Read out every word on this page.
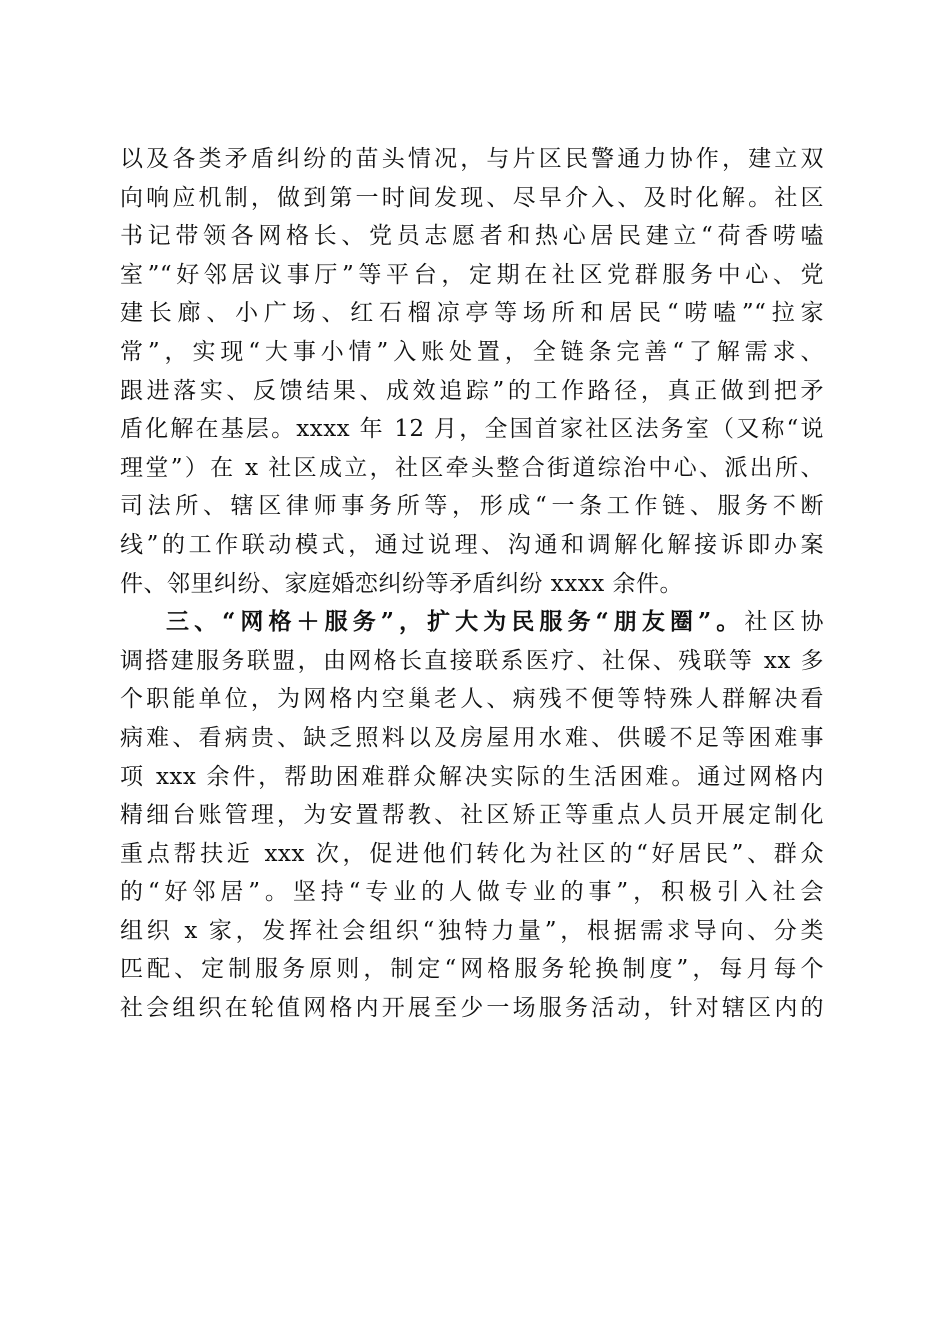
以及各类矛盾纠纷的苗头情况，与片区民警通力协作，建立双
向响应机制，做到第一时间发现、尽早介入、及时化解。社区
书记带领各网格长、党员志愿者和热心居民建立“荷香唠嗑
室”“好邻居议事厅”等平台，定期在社区党群服务中心、党
建长廊、小广场、红石榴凉亭等场所和居民“唠嗑”“拉家
常”，实现“大事小情”入账处置，全链条完善“了解需求、
跟进落实、反馈结果、成效追踪”的工作路径，真正做到把矛
盾化解在基层。xxxx 年 12 月，全国首家社区法务室（又称“说
理堂”）在 x 社区成立，社区牵头整合街道综治中心、派出所、
司法所、辖区律师事务所等，形成“一条工作链、服务不断
线”的工作联动模式，通过说理、沟通和调解化解接诉即办案
件、邻里纠纷、家庭婚恋纠纷等矛盾纠纷 xxxx 余件。
三、“网格＋服务”，扩大为民服务“朋友圈”。社区协
调搭建服务联盟，由网格长直接联系医疗、社保、残联等 xx 多
个职能单位，为网格内空巢老人、病残不便等特殊人群解决看
病难、看病贵、缺乏照料以及房屋用水难、供暖不足等困难事
项 xxx 余件，帮助困难群众解决实际的生活困难。通过网格内
精细台账管理，为安置帮教、社区矫正等重点人员开展定制化
重点帮扶近 xxx 次，促进他们转化为社区的“好居民”、群众
的“好邻居”。坚持“专业的人做专业的事”，积极引入社会
组织 x 家，发挥社会组织“独特力量”，根据需求导向、分类
匹配、定制服务原则，制定“网格服务轮换制度”，每月每个
社会组织在轮值网格内开展至少一场服务活动，针对辖区内的
